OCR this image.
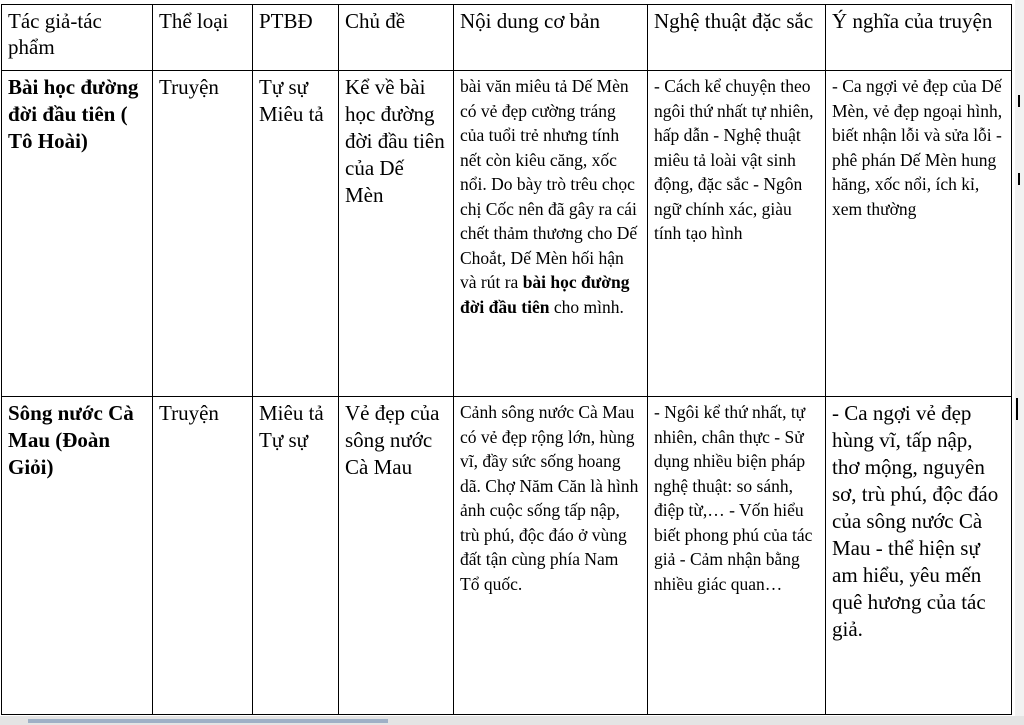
Tác giả-tác phẩm	Thể loại	PTBĐ	Chủ đề	Nội dung cơ bản	Nghệ thuật đặc sắc	Ý nghĩa của truyện
Bài học đường đời đầu tiên ( Tô Hoài)	Truyện	Tự sự Miêu tả	Kể về bài học đường đời đầu tiên của Dế Mèn	bài văn miêu tả Dế Mèn có vẻ đẹp cường tráng của tuổi trẻ nhưng tính nết còn kiêu căng, xốc nổi. Do bày trò trêu chọc chị Cốc nên đã gây ra cái chết thảm thương cho Dế Choắt, Dế Mèn hối hận và rút ra bài học đường đời đầu tiên cho mình.	- Cách kể chuyện theo ngôi thứ nhất tự nhiên, hấp dẫn - Nghệ thuật miêu tả loài vật sinh động, đặc sắc - Ngôn ngữ chính xác, giàu tính tạo hình	- Ca ngợi vẻ đẹp của Dế Mèn, vẻ đẹp ngoại hình, biết nhận lỗi và sửa lỗi - phê phán Dế Mèn hung hăng, xốc nổi, ích kỉ, xem thường
Sông nước Cà Mau (Đoàn Giỏi)	Truyện	Miêu tả Tự sự	Vẻ đẹp của sông nước Cà Mau	Cảnh sông nước Cà Mau có vẻ đẹp rộng lớn, hùng vĩ, đầy sức sống hoang dã. Chợ Năm Căn là hình ảnh cuộc sống tấp nập, trù phú, độc đáo ở vùng đất tận cùng phía Nam Tổ quốc.	- Ngôi kể thứ nhất, tự nhiên, chân thực - Sử dụng nhiều biện pháp nghệ thuật: so sánh, điệp từ,… - Vốn hiểu biết phong phú của tác giả - Cảm nhận bằng nhiều giác quan…	- Ca ngợi vẻ đẹp hùng vĩ, tấp nập, thơ mộng, nguyên sơ, trù phú, độc đáo của sông nước Cà Mau - thể hiện sự am hiểu, yêu mến quê hương của tác giả.
